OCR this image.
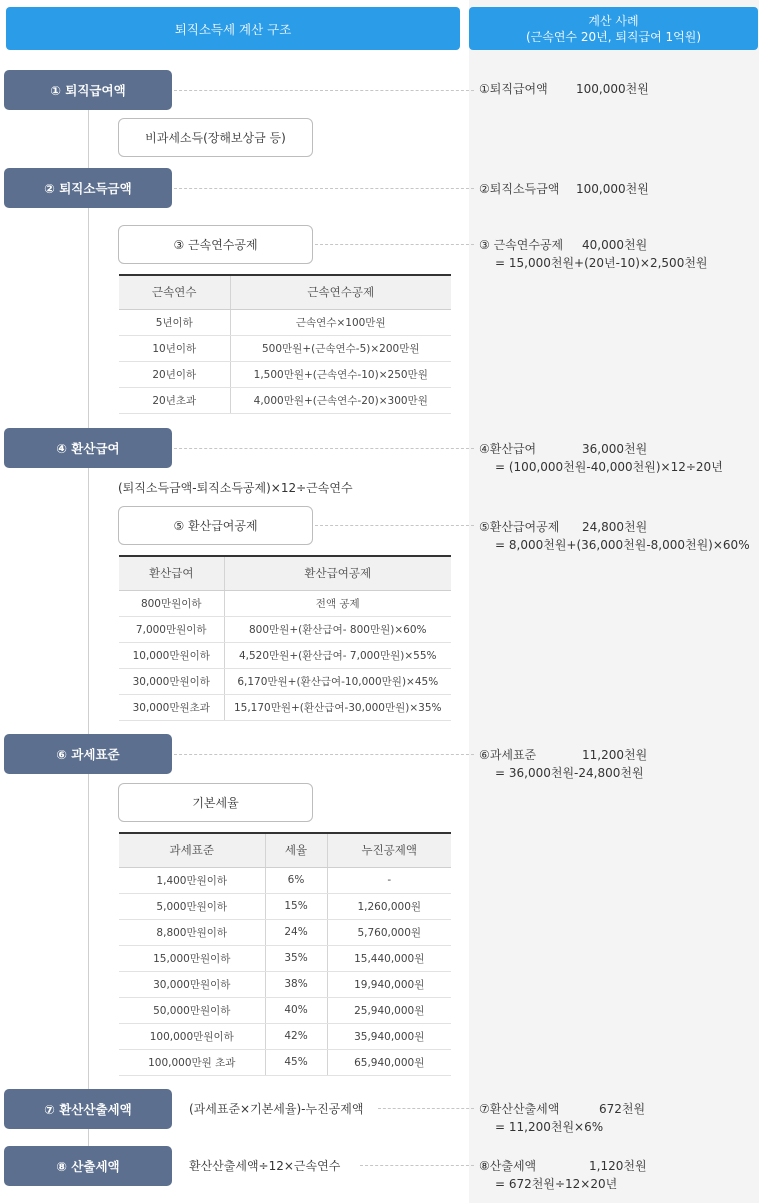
퇴직소득세 계산 구조
계산 사례
(근속연수 20년, 퇴직급여 1억원)
① 퇴직급여액
비과세소득(장해보상금 등)
② 퇴직소득금액
③ 근속연수공제
근속연수	근속연수공제
5년이하	근속연수×100만원
10년이하	500만원+(근속연수-5)×200만원
20년이하	1,500만원+(근속연수-10)×250만원
20년초과	4,000만원+(근속연수-20)×300만원
④ 환산급여
(퇴직소득금액-퇴직소득공제)×12÷근속연수
⑤ 환산급여공제
환산급여	환산급여공제
800만원이하	전액 공제
7,000만원이하	800만원+(환산급여- 800만원)×60%
10,000만원이하	4,520만원+(환산급여- 7,000만원)×55%
30,000만원이하	6,170만원+(환산급여-10,000만원)×45%
30,000만원초과	15,170만원+(환산급여-30,000만원)×35%
⑥ 과세표준
기본세율
과세표준	세율	누진공제액
1,400만원이하	6%	-
5,000만원이하	15%	1,260,000원
8,800만원이하	24%	5,760,000원
15,000만원이하	35%	15,440,000원
30,000만원이하	38%	19,940,000원
50,000만원이하	40%	25,940,000원
100,000만원이하	42%	35,940,000원
100,000만원 초과	45%	65,940,000원
⑦ 환산산출세액	(과세표준×기본세율)-누진공제액
⑧ 산출세액	환산산출세액÷12×근속연수
①퇴직급여액 100,000천원
②퇴직소득금액 100,000천원
③ 근속연수공제 40,000천원
= 15,000천원+(20년-10)×2,500천원
④환산급여	36,000천원
= (100,000천원-40,000천원)×12÷20년
⑤환산급여공제 24,800천원
= 8,000천원+(36,000천원-8,000천원)×60%
⑥과세표준	11,200천원
= 36,000천원-24,800천원
⑦환산산출세액	672천원
= 11,200천원×6%
⑧산출세액	1,120천원
= 672천원÷12×20년
